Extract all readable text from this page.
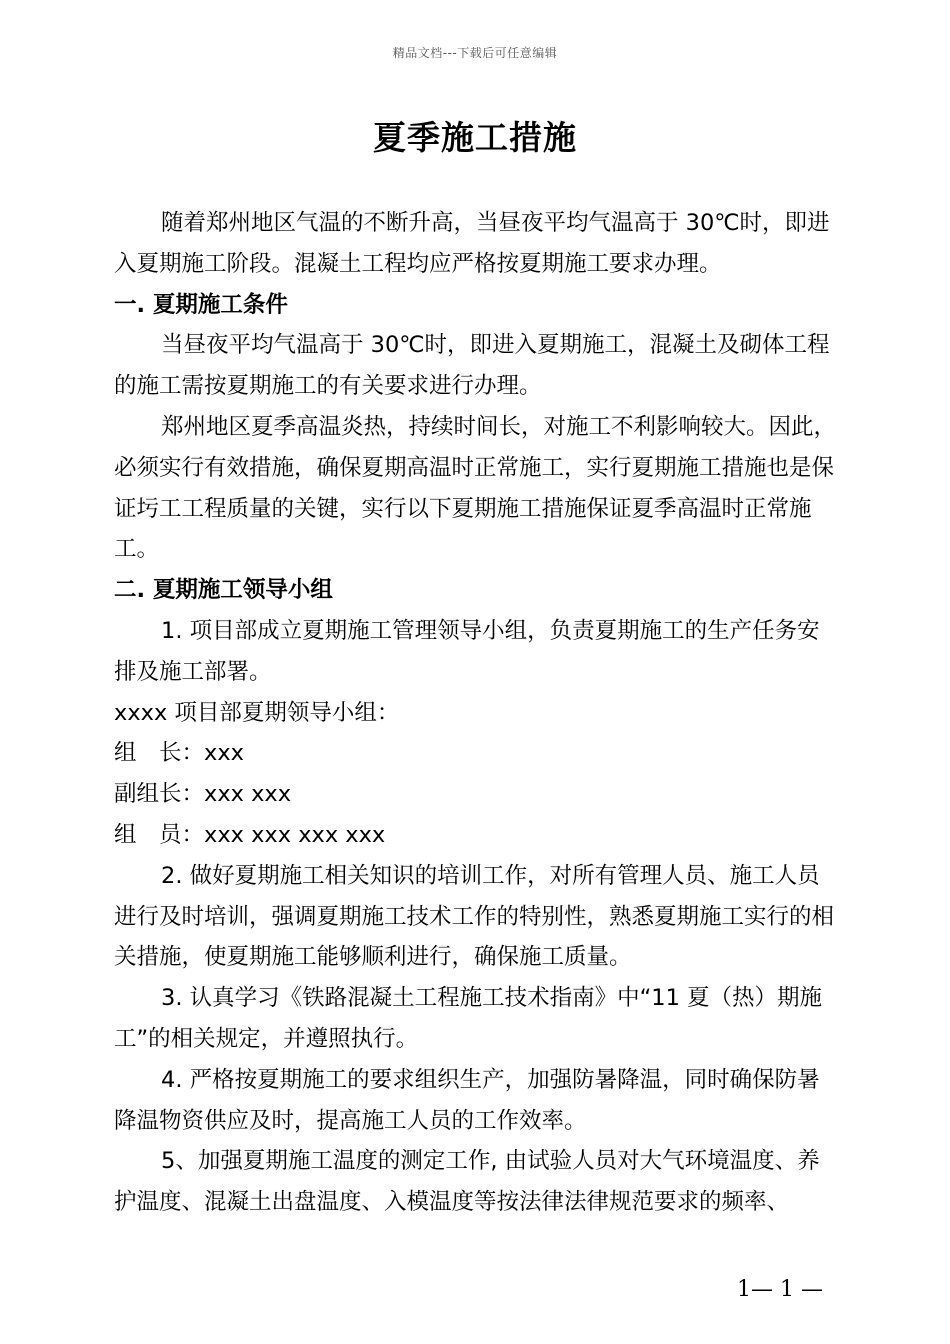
精品文档---下载后可任意编辑
夏季施工措施

随着郑州地区气温的不断升高，当昼夜平均气温高于 30℃时，即进入夏期施工阶段。混凝土工程均应严格按夏期施工要求办理。

一. 夏期施工条件

当昼夜平均气温高于 30℃时，即进入夏期施工，混凝土及砌体工程的施工需按夏期施工的有关要求进行办理。

郑州地区夏季高温炎热，持续时间长，对施工不利影响较大。因此，必须实行有效措施，确保夏期高温时正常施工，实行夏期施工措施也是保证圬工工程质量的关键，实行以下夏期施工措施保证夏季高温时正常施工。

二. 夏期施工领导小组

1. 项目部成立夏期施工管理领导小组，负责夏期施工的生产任务安排及施工部署。

xxxx 项目部夏期领导小组：

组　长：xxx

副组长：xxx xxx

组　员：xxx xxx xxx xxx

2. 做好夏期施工相关知识的培训工作，对所有管理人员、施工人员进行及时培训，强调夏期施工技术工作的特别性，熟悉夏期施工实行的相关措施，使夏期施工能够顺利进行，确保施工质量。

3. 认真学习《铁路混凝土工程施工技术指南》中“11 夏（热）期施工”的相关规定，并遵照执行。

4. 严格按夏期施工的要求组织生产，加强防暑降温，同时确保防暑降温物资供应及时，提高施工人员的工作效率。

5、加强夏期施工温度的测定工作, 由试验人员对大气环境温度、养护温度、混凝土出盘温度、入模温度等按法律法律规范要求的频率、

1— 1 —
